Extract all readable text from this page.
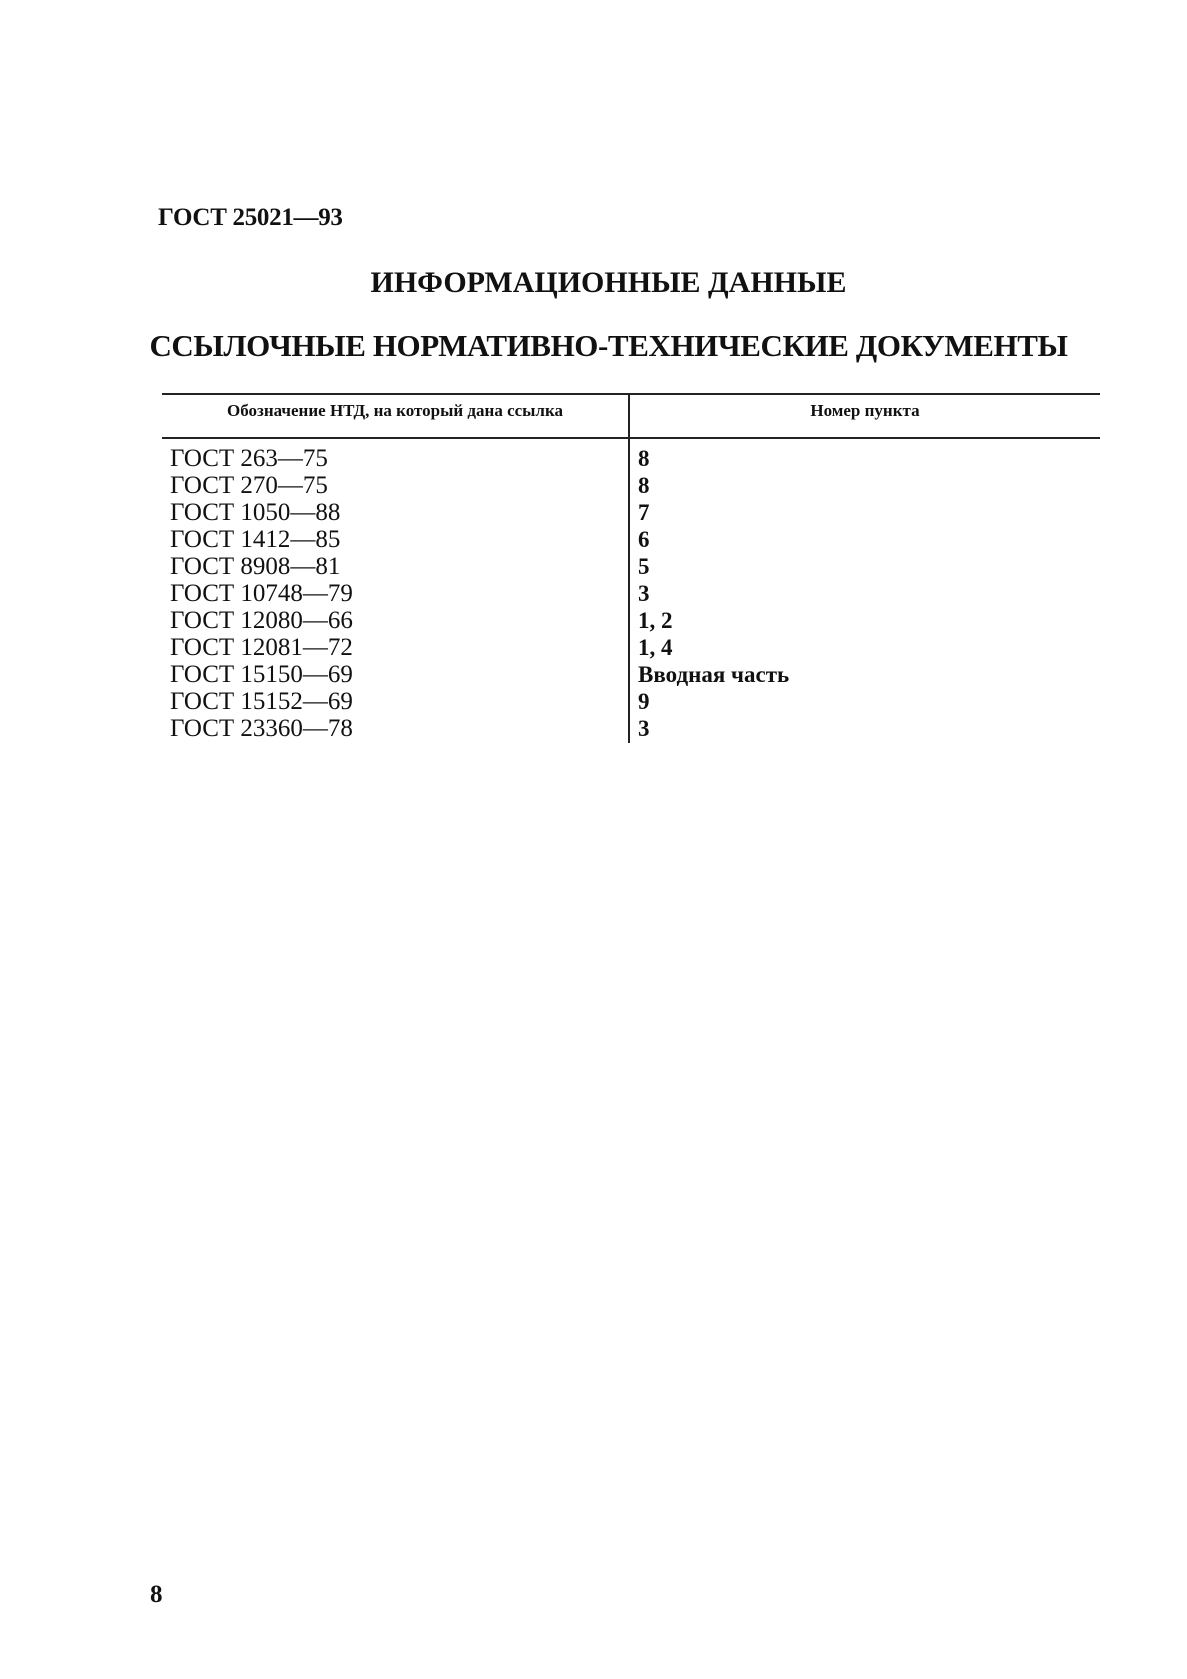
ГОСТ 25021—93
ИНФОРМАЦИОННЫЕ ДАННЫЕ
ССЫЛОЧНЫЕ НОРМАТИВНО-ТЕХНИЧЕСКИЕ ДОКУМЕНТЫ
Обозначение НТД, на который дана ссылка	Номер пункта
ГОСТ 263—75	8
ГОСТ 270—75	8
ГОСТ 1050—88	7
ГОСТ 1412—85	6
ГОСТ 8908—81	5
ГОСТ 10748—79	3
ГОСТ 12080—66	1, 2
ГОСТ 12081—72	1, 4
ГОСТ 15150—69	Вводная часть
ГОСТ 15152—69	9
ГОСТ 23360—78	3
8
